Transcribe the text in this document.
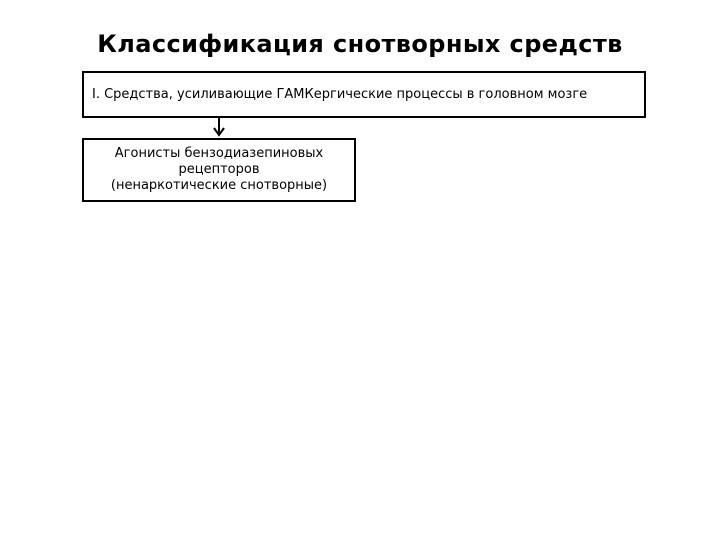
Классификация снотворных средств
I. Средства, усиливающие ГАМКергические процессы в головном мозге
Агонисты бензодиазепиновых
рецепторов
(ненаркотические снотворные)
